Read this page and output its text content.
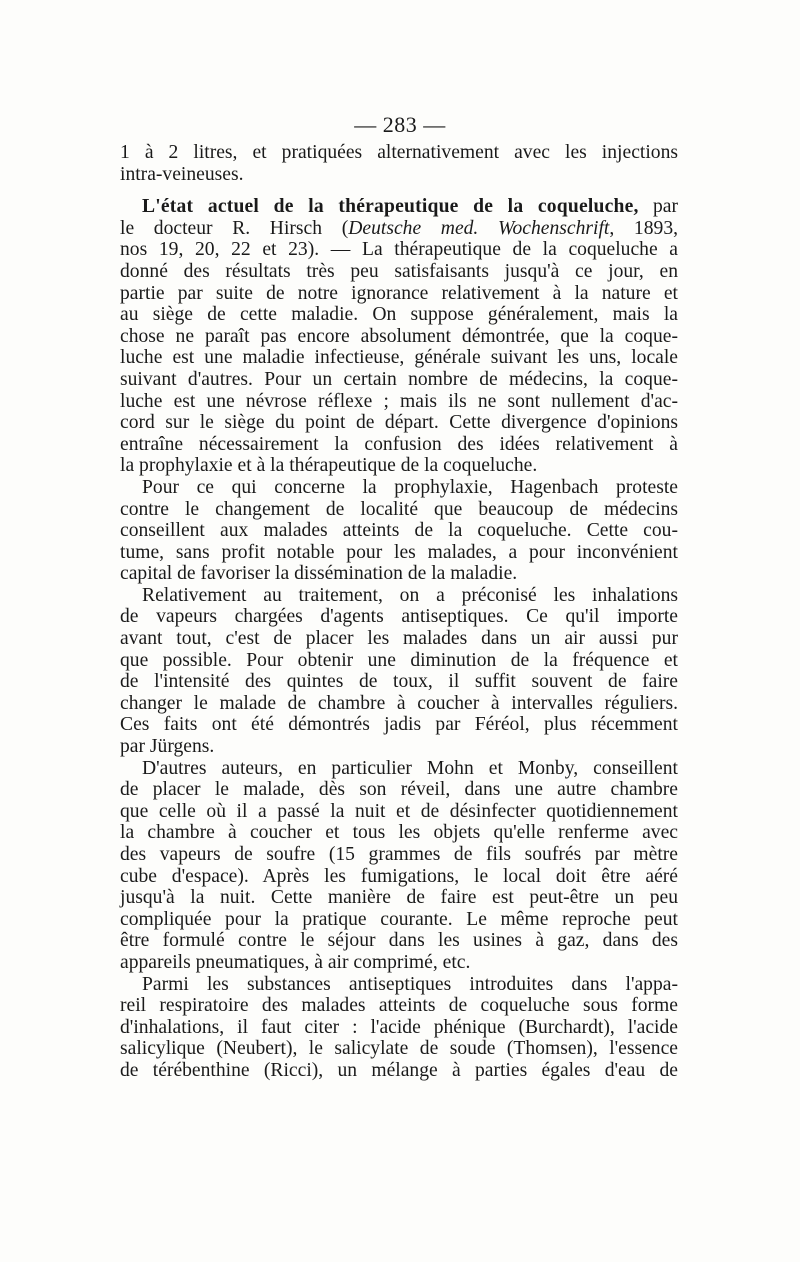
— 283 —
1 à 2 litres, et pratiquées alternativement avec les injections
intra-veineuses.
L'état actuel de la thérapeutique de la coqueluche, par
le docteur R. Hirsch (Deutsche med. Wochenschrift, 1893,
nos 19, 20, 22 et 23). — La thérapeutique de la coqueluche a
donné des résultats très peu satisfaisants jusqu'à ce jour, en
partie par suite de notre ignorance relativement à la nature et
au siège de cette maladie. On suppose généralement, mais la
chose ne paraît pas encore absolument démontrée, que la coque-
luche est une maladie infectieuse, générale suivant les uns, locale
suivant d'autres. Pour un certain nombre de médecins, la coque-
luche est une névrose réflexe ; mais ils ne sont nullement d'ac-
cord sur le siège du point de départ. Cette divergence d'opinions
entraîne nécessairement la confusion des idées relativement à
la prophylaxie et à la thérapeutique de la coqueluche.
Pour ce qui concerne la prophylaxie, Hagenbach proteste
contre le changement de localité que beaucoup de médecins
conseillent aux malades atteints de la coqueluche. Cette cou-
tume, sans profit notable pour les malades, a pour inconvénient
capital de favoriser la dissémination de la maladie.
Relativement au traitement, on a préconisé les inhalations
de vapeurs chargées d'agents antiseptiques. Ce qu'il importe
avant tout, c'est de placer les malades dans un air aussi pur
que possible. Pour obtenir une diminution de la fréquence et
de l'intensité des quintes de toux, il suffit souvent de faire
changer le malade de chambre à coucher à intervalles réguliers.
Ces faits ont été démontrés jadis par Féréol, plus récemment
par Jürgens.
D'autres auteurs, en particulier Mohn et Monby, conseillent
de placer le malade, dès son réveil, dans une autre chambre
que celle où il a passé la nuit et de désinfecter quotidiennement
la chambre à coucher et tous les objets qu'elle renferme avec
des vapeurs de soufre (15 grammes de fils soufrés par mètre
cube d'espace). Après les fumigations, le local doit être aéré
jusqu'à la nuit. Cette manière de faire est peut-être un peu
compliquée pour la pratique courante. Le même reproche peut
être formulé contre le séjour dans les usines à gaz, dans des
appareils pneumatiques, à air comprimé, etc.
Parmi les substances antiseptiques introduites dans l'appa-
reil respiratoire des malades atteints de coqueluche sous forme
d'inhalations, il faut citer : l'acide phénique (Burchardt), l'acide
salicylique (Neubert), le salicylate de soude (Thomsen), l'essence
de térébenthine (Ricci), un mélange à parties égales d'eau de
